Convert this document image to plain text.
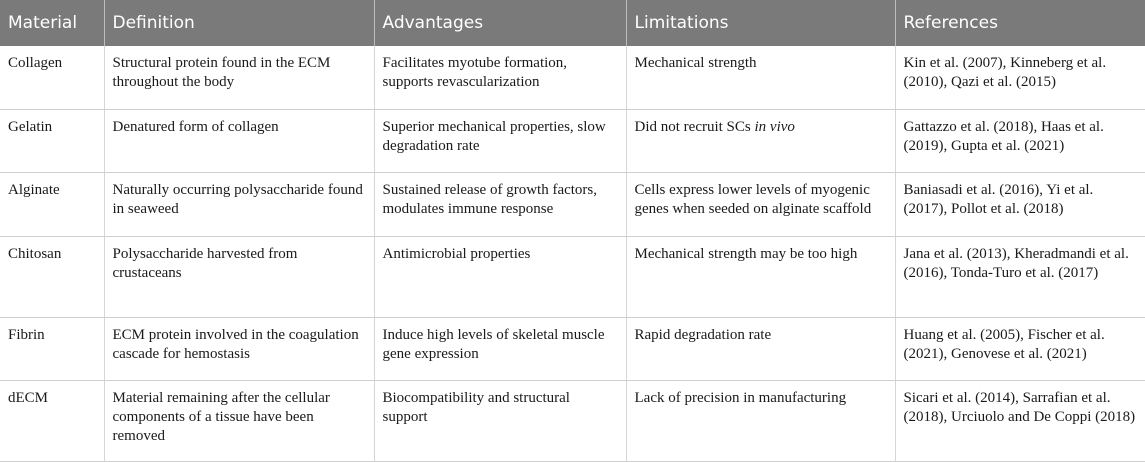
Material	Definition	Advantages	Limitations	References
Collagen	Structural protein found in the ECM throughout the body	Facilitates myotube formation, supports revascularization	Mechanical strength	Kin et al. (2007), Kinneberg et al. (2010), Qazi et al. (2015)
Gelatin	Denatured form of collagen	Superior mechanical properties, slow degradation rate	Did not recruit SCs in vivo	Gattazzo et al. (2018), Haas et al. (2019), Gupta et al. (2021)
Alginate	Naturally occurring polysaccharide found in seaweed	Sustained release of growth factors, modulates immune response	Cells express lower levels of myogenic genes when seeded on alginate scaffold	Baniasadi et al. (2016), Yi et al. (2017), Pollot et al. (2018)
Chitosan	Polysaccharide harvested from crustaceans	Antimicrobial properties	Mechanical strength may be too high	Jana et al. (2013), Kheradmandi et al. (2016), Tonda-Turo et al. (2017)
Fibrin	ECM protein involved in the coagulation cascade for hemostasis	Induce high levels of skeletal muscle gene expression	Rapid degradation rate	Huang et al. (2005), Fischer et al. (2021), Genovese et al. (2021)
dECM	Material remaining after the cellular components of a tissue have been removed	Biocompatibility and structural support	Lack of precision in manufacturing	Sicari et al. (2014), Sarrafian et al. (2018), Urciuolo and De Coppi (2018)
